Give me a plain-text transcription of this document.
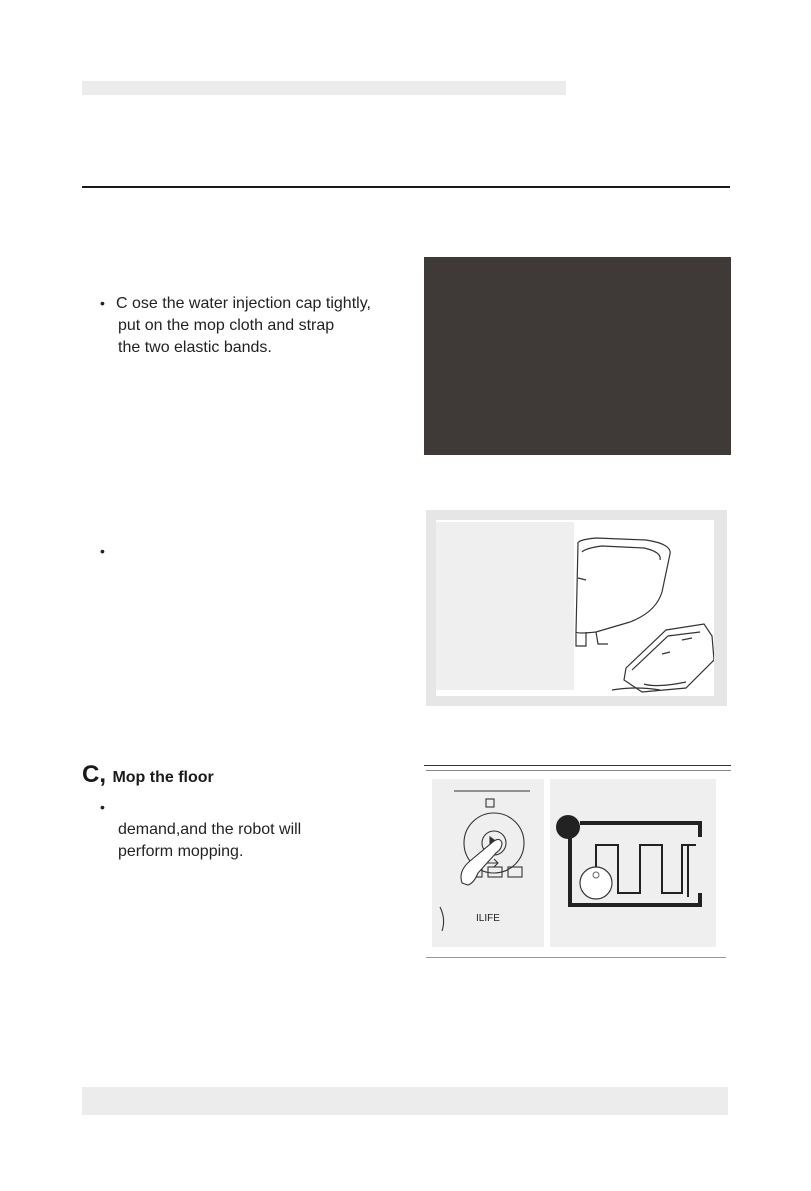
• C ose the water injection cap tightly,
put on the mop cloth and strap
the two elastic bands.
•
C, Mop the floor
•
demand,and the robot will
perform mopping.
ILIFE
